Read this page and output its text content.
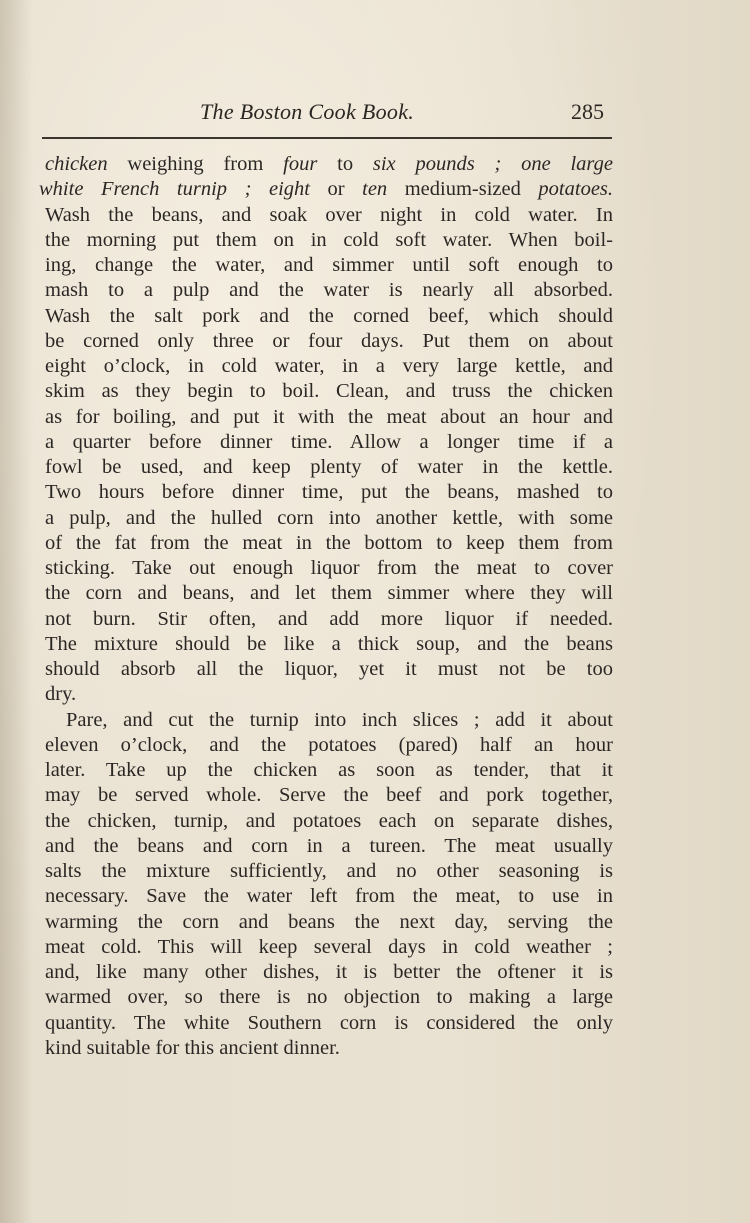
The Boston Cook Book.	285
chicken weighing from four to six pounds ; one large
white French turnip ; eight or ten medium-sized potatoes.
Wash the beans, and soak over night in cold water. In
the morning put them on in cold soft water. When boil-
ing, change the water, and simmer until soft enough to
mash to a pulp and the water is nearly all absorbed.
Wash the salt pork and the corned beef, which should
be corned only three or four days. Put them on about
eight o’clock, in cold water, in a very large kettle, and
skim as they begin to boil. Clean, and truss the chicken
as for boiling, and put it with the meat about an hour and
a quarter before dinner time. Allow a longer time if a
fowl be used, and keep plenty of water in the kettle.
Two hours before dinner time, put the beans, mashed to
a pulp, and the hulled corn into another kettle, with some
of the fat from the meat in the bottom to keep them from
sticking. Take out enough liquor from the meat to cover
the corn and beans, and let them simmer where they will
not burn. Stir often, and add more liquor if needed.
The mixture should be like a thick soup, and the beans
should absorb all the liquor, yet it must not be too
dry.
Pare, and cut the turnip into inch slices ; add it about
eleven o’clock, and the potatoes (pared) half an hour
later. Take up the chicken as soon as tender, that it
may be served whole. Serve the beef and pork together,
the chicken, turnip, and potatoes each on separate dishes,
and the beans and corn in a tureen. The meat usually
salts the mixture sufficiently, and no other seasoning is
necessary. Save the water left from the meat, to use in
warming the corn and beans the next day, serving the
meat cold. This will keep several days in cold weather ;
and, like many other dishes, it is better the oftener it is
warmed over, so there is no objection to making a large
quantity. The white Southern corn is considered the only
kind suitable for this ancient dinner.
